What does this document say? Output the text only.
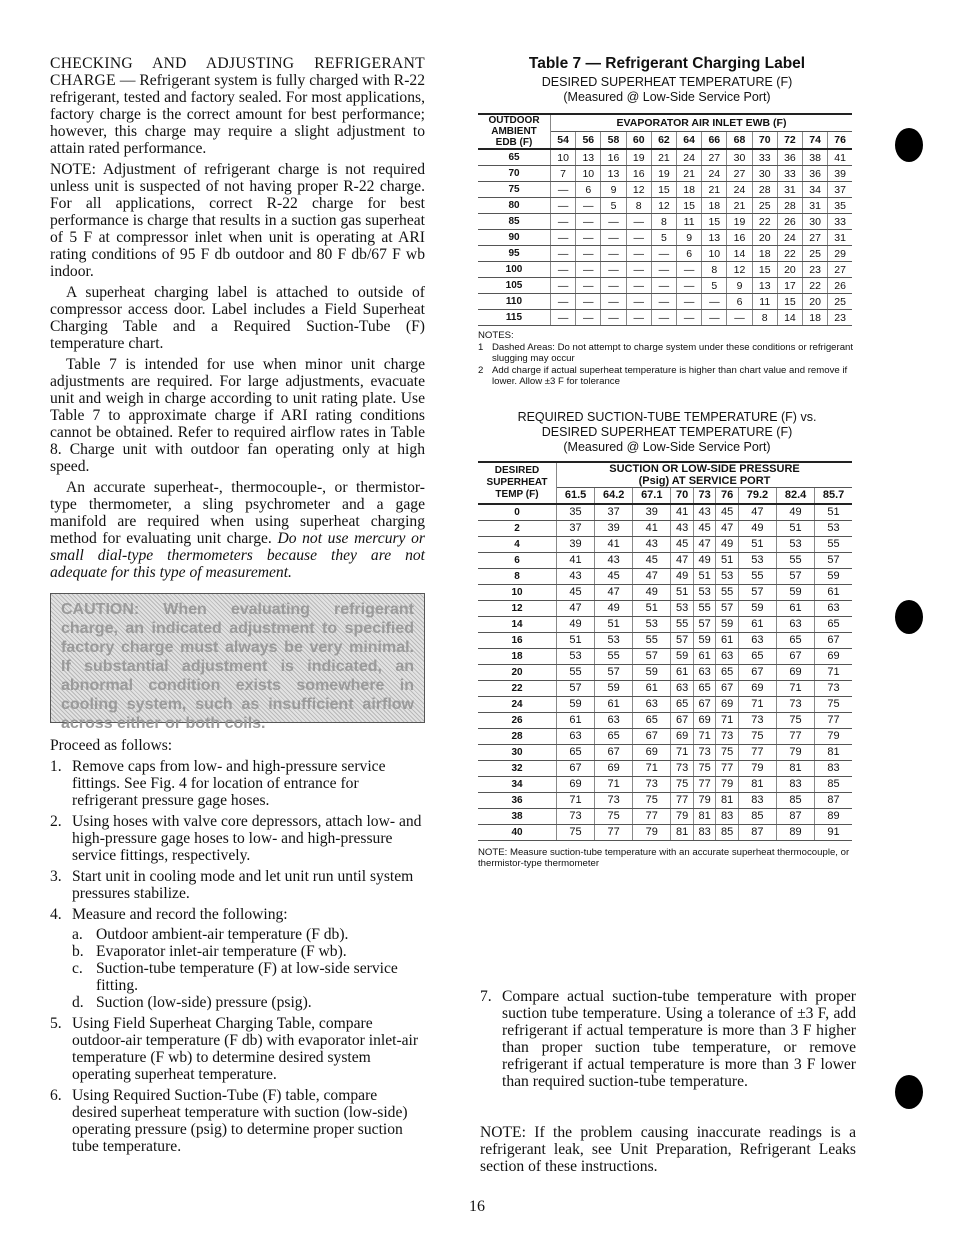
CHECKING AND ADJUSTING REFRIGERANT CHARGE — Refrigerant system is fully charged with R-22 refrigerant, tested and factory sealed. For most applications, factory charge is the correct amount for best performance; however, this charge may require a slight adjustment to attain rated performance.

NOTE: Adjustment of refrigerant charge is not required unless unit is suspected of not having proper R-22 charge. For all applications, correct R-22 charge for best performance is charge that results in a suction gas superheat of 5 F at compressor inlet when unit is operating at ARI rating conditions of 95 F db outdoor and 80 F db/67 F wb indoor.

A superheat charging label is attached to outside of compressor access door. Label includes a Field Superheat Charging Table and a Required Suction-Tube (F) temperature chart.

Table 7 is intended for use when minor unit charge adjustments are required. For large adjustments, evacuate unit and weigh in charge according to unit rating plate. Use Table 7 to approximate charge if ARI rating conditions cannot be obtained. Refer to required airflow rates in Table 8. Charge unit with outdoor fan operating only at high speed.

An accurate superheat-, thermocouple-, or thermistor-type thermometer, a sling psychrometer and a gage manifold are required when using superheat charging method for evaluating unit charge. Do not use mercury or small dial-type thermometers because they are not adequate for this type of measurement.

CAUTION: When evaluating refrigerant charge, an indicated adjustment to specified factory charge must always be very minimal. If substantial adjustment is indicated, an abnormal condition exists somewhere in cooling system, such as insufficient airflow across either or both coils.

Proceed as follows:

1. Remove caps from low- and high-pressure service fittings. See Fig. 4 for location of entrance for refrigerant pressure gage hoses.
2. Using hoses with valve core depressors, attach low- and high-pressure gage hoses to low- and high-pressure service fittings, respectively.
3. Start unit in cooling mode and let unit run until system pressures stabilize.
4. Measure and record the following:
a. Outdoor ambient-air temperature (F db).
b. Evaporator inlet-air temperature (F wb).
c. Suction-tube temperature (F) at low-side service fitting.
d. Suction (low-side) pressure (psig).
5. Using Field Superheat Charging Table, compare outdoor-air temperature (F db) with evaporator inlet-air temperature (F wb) to determine desired system operating superheat temperature.
6. Using Required Suction-Tube (F) table, compare desired superheat temperature with suction (low-side) operating pressure (psig) to determine proper suction tube temperature.
Table 7 — Refrigerant Charging Label
DESIRED SUPERHEAT TEMPERATURE (F)
(Measured @ Low-Side Service Port)
OUTDOOR AMBIENT EDB (F)	EVAPORATOR AIR INLET EWB (F)											
	54	56	58	60	62	64	66	68	70	72	74	76
65	10	13	16	19	21	24	27	30	33	36	38	41
70	7	10	13	16	19	21	24	27	30	33	36	39
75	—	6	9	12	15	18	21	24	28	31	34	37
80	—	—	5	8	12	15	18	21	25	28	31	35
85	—	—	—	—	8	11	15	19	22	26	30	33
90	—	—	—	—	5	9	13	16	20	24	27	31
95	—	—	—	—	—	6	10	14	18	22	25	29
100	—	—	—	—	—	—	8	12	15	20	23	27
105	—	—	—	—	—	—	5	9	13	17	22	26
110	—	—	—	—	—	—	—	6	11	15	20	25
115	—	—	—	—	—	—	—	—	8	14	18	23
NOTES:
1 Dashed Areas: Do not attempt to charge system under these conditions or refrigerant slugging may occur
2 Add charge if actual superheat temperature is higher than chart value and remove if lower. Allow ±3 F for tolerance
REQUIRED SUCTION-TUBE TEMPERATURE (F) vs.
DESIRED SUPERHEAT TEMPERATURE (F)
(Measured @ Low-Side Service Port)
DESIRED SUPERHEAT TEMP (F)	SUCTION OR LOW-SIDE PRESSURE (Psig) AT SERVICE PORT								

	61.5	64.2	67.1	70	73	76	79.2	82.4	85.7
0	35	37	39	41	43	45	47	49	51
2	37	39	41	43	45	47	49	51	53
4	39	41	43	45	47	49	51	53	55
6	41	43	45	47	49	51	53	55	57
8	43	45	47	49	51	53	55	57	59
10	45	47	49	51	53	55	57	59	61
12	47	49	51	53	55	57	59	61	63
14	49	51	53	55	57	59	61	63	65
16	51	53	55	57	59	61	63	65	67
18	53	55	57	59	61	63	65	67	69
20	55	57	59	61	63	65	67	69	71
22	57	59	61	63	65	67	69	71	73
24	59	61	63	65	67	69	71	73	75
26	61	63	65	67	69	71	73	75	77
28	63	65	67	69	71	73	75	77	79
30	65	67	69	71	73	75	77	79	81
32	67	69	71	73	75	77	79	81	83
34	69	71	73	75	77	79	81	83	85
36	71	73	75	77	79	81	83	85	87
38	73	75	77	79	81	83	85	87	89
40	75	77	79	81	83	85	87	89	91
NOTE: Measure suction-tube temperature with an accurate superheat thermocouple, or thermistor-type thermometer

7. Compare actual suction-tube temperature with proper suction tube temperature. Using a tolerance of ±3 F, add refrigerant if actual temperature is more than 3 F higher than proper suction tube temperature, or remove refrigerant if actual temperature is more than 3 F lower than required suction-tube temperature.

NOTE: If the problem causing inaccurate readings is a refrigerant leak, see Unit Preparation, Refrigerant Leaks section of these instructions.

16
